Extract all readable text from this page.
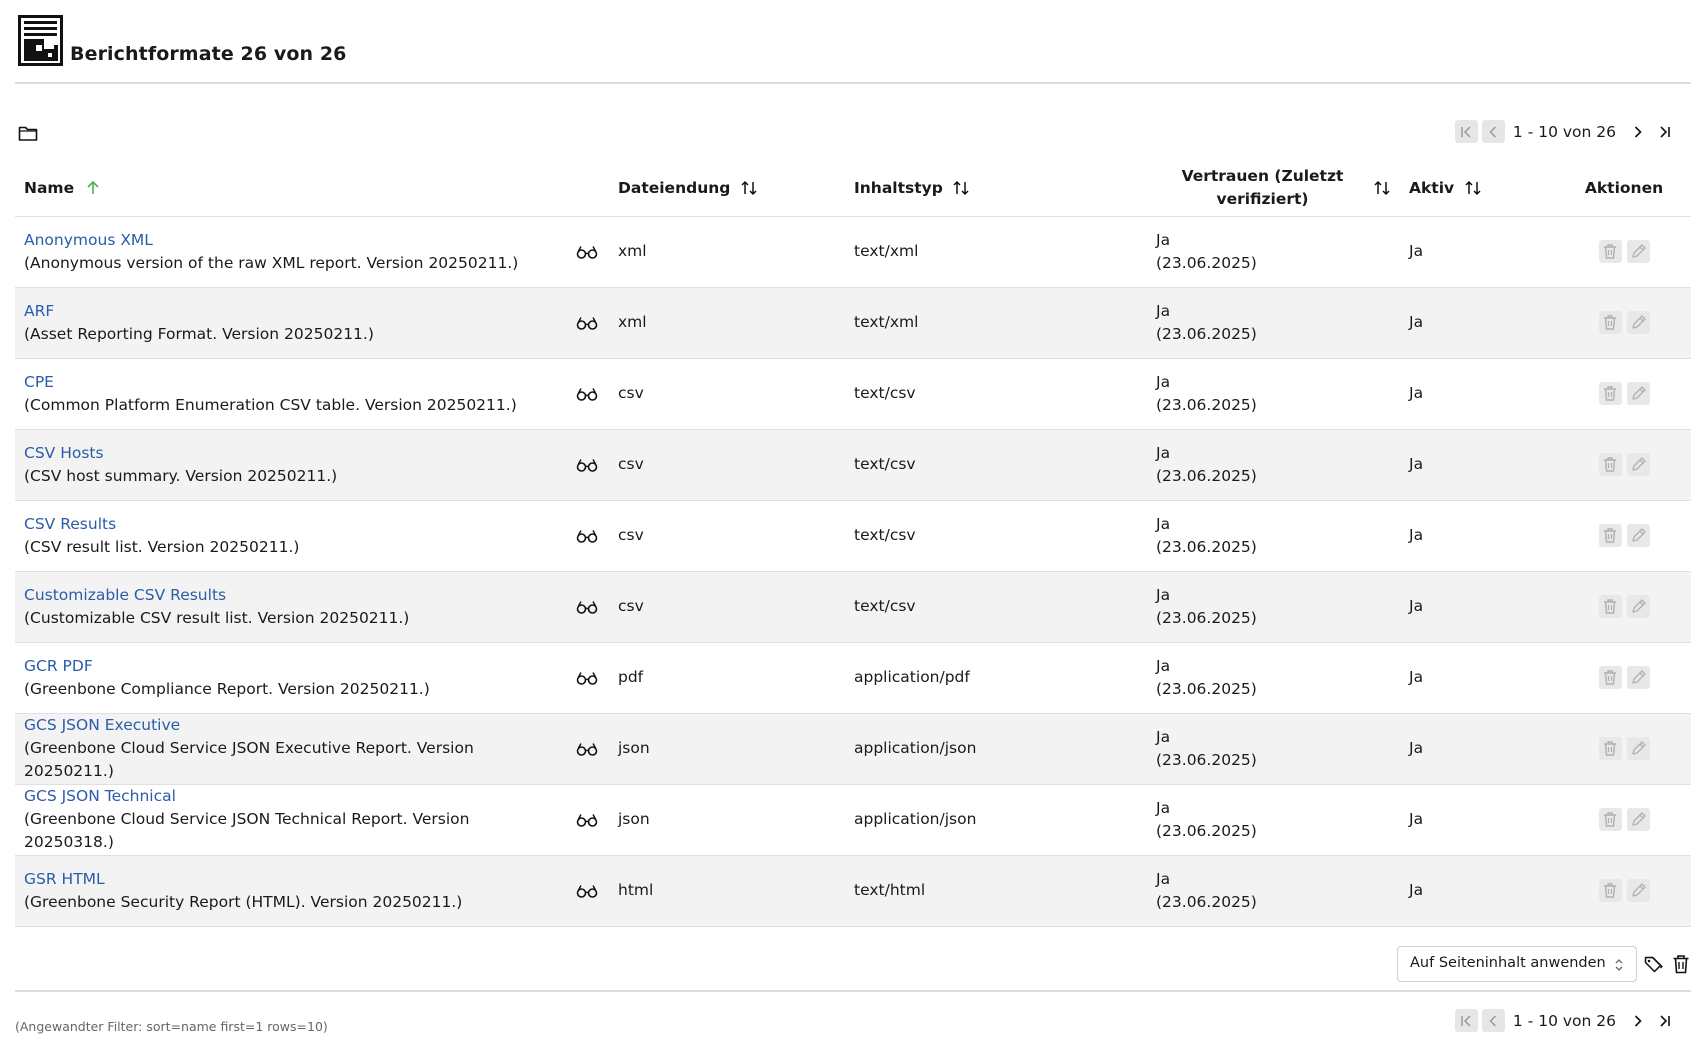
Berichtformate 26 von 26
1 - 10 von 26
Name		Dateiendung	Inhaltstyp	Vertrauen (Zuletzt
verifiziert)	Aktiv	Aktionen

Anonymous XML
(Anonymous version of the raw XML report. Version 20250211.)		xml	text/xml	Ja
(23.06.2025)	Ja	

ARF
(Asset Reporting Format. Version 20250211.)		xml	text/xml	Ja
(23.06.2025)	Ja	

CPE
(Common Platform Enumeration CSV table. Version 20250211.)		csv	text/csv	Ja
(23.06.2025)	Ja	

CSV Hosts
(CSV host summary. Version 20250211.)		csv	text/csv	Ja
(23.06.2025)	Ja	

CSV Results
(CSV result list. Version 20250211.)		csv	text/csv	Ja
(23.06.2025)	Ja	

Customizable CSV Results
(Customizable CSV result list. Version 20250211.)		csv	text/csv	Ja
(23.06.2025)	Ja	

GCR PDF
(Greenbone Compliance Report. Version 20250211.)		pdf	application/pdf	Ja
(23.06.2025)	Ja	

GCS JSON Executive
(Greenbone Cloud Service JSON Executive Report. Version 20250211.)		json	application/json	Ja
(23.06.2025)	Ja	

GCS JSON Technical
(Greenbone Cloud Service JSON Technical Report. Version 20250318.)		json	application/json	Ja
(23.06.2025)	Ja	

GSR HTML
(Greenbone Security Report (HTML). Version 20250211.)		html	text/html	Ja
(23.06.2025)	Ja	
Auf Seiteninhalt anwenden
(Angewandter Filter: sort=name first=1 rows=10)	1 - 10 von 26
